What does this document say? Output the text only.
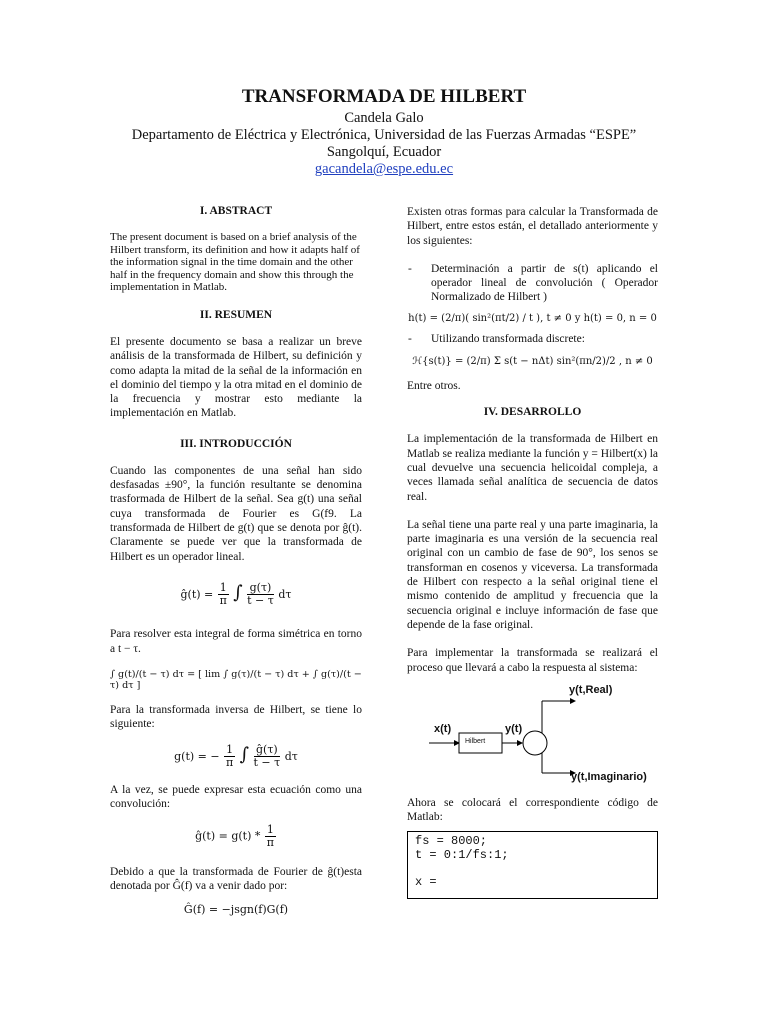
TRANSFORMADA DE HILBERT
Candela Galo
Departamento de Eléctrica y Electrónica, Universidad de las Fuerzas Armadas “ESPE”
Sangolquí, Ecuador
gacandela@espe.edu.ec
I. ABSTRACT

The present document is based on a brief analysis of the Hilbert transform, its definition and how it adapts half of the information signal in the time domain and the other half in the frequency domain and show this through the implementation in Matlab.

II. RESUMEN

El presente documento se basa a realizar un breve análisis de la transformada de Hilbert, su definición y como adapta la mitad de la señal de la información en el dominio del tiempo y la otra mitad en el dominio de la frecuencia y mostrar esto mediante la implementación en Matlab.

III. INTRODUCCIÓN

Cuando las componentes de una señal han sido desfasadas ±90°, la función resultante se denomina trasformada de Hilbert de la señal. Sea g(t) una señal cuya transformada de Fourier es G(f9. La transformada de Hilbert de g(t) que se denota por ĝ(t). Claramente se puede ver que la transformada de Hilbert es un operador lineal.

ĝ(t) = $\frac{1}{\pi}$ ∫ $\frac{g(\tau)}{t - \tau}$ dτ

Para resolver esta integral de forma simétrica en torno a t − τ.

∫ g(t)/(t − τ) dτ = [ lim ∫ g(τ)/(t − τ) dτ + ∫ g(τ)/(t − τ) dτ ]

Para la transformada inversa de Hilbert, se tiene lo siguiente:

g(t) = − $\frac{1}{\pi}$ ∫ $\frac{ĝ(\tau)}{t - \tau}$ dτ

A la vez, se puede expresar esta ecuación como una convolución:

ĝ(t) = $g(t) * \frac{1}{\pi}$

Debido a que la transformada de Fourier de ĝ(t)esta denotada por Ĝ(f) va a venir dado por:

Ĝ(f) = −jsgn(f)G(f)

Existen otras formas para calcular la Transformada de Hilbert, entre estos están, el detallado anteriormente y los siguientes:

- Determinación a partir de s(t) aplicando el operador lineal de convolución ( Operador Normalizado de Hilbert )
h(t) = (2/π)( sin²(πt/2) / t ), t ≠ 0 y h(t) = 0, n = 0
- Utilizando transformada discrete:
ℋ{s(t)} = (2/π) Σ s(t − nΔt) sin²(πn/2)/2 , n ≠ 0

Entre otros.

IV. DESARROLLO

La implementación de la transformada de Hilbert en Matlab se realiza mediante la función y = Hilbert(x) la cual devuelve una secuencia helicoidal compleja, a veces llamada señal analítica de secuencia de datos real.

La señal tiene una parte real y una parte imaginaria, la parte imaginaria es una versión de la secuencia real original con un cambio de fase de 90°, los senos se transforman en cosenos y viceversa. La transformada de Hilbert con respecto a la señal original tiene el mismo contenido de amplitud y frecuencia que la secuencia original e incluye información de fase que depende de la fase original.

Para implementar la transformada se realizará el proceso que llevará a cabo la respuesta al sistema:

y(t,Real)
x(t)
Hilbert
y(t)
y(t,Imaginario)

Ahora se colocará el correspondiente código de Matlab:

fs = 8000;
t = 0:1/fs:1;
x =
